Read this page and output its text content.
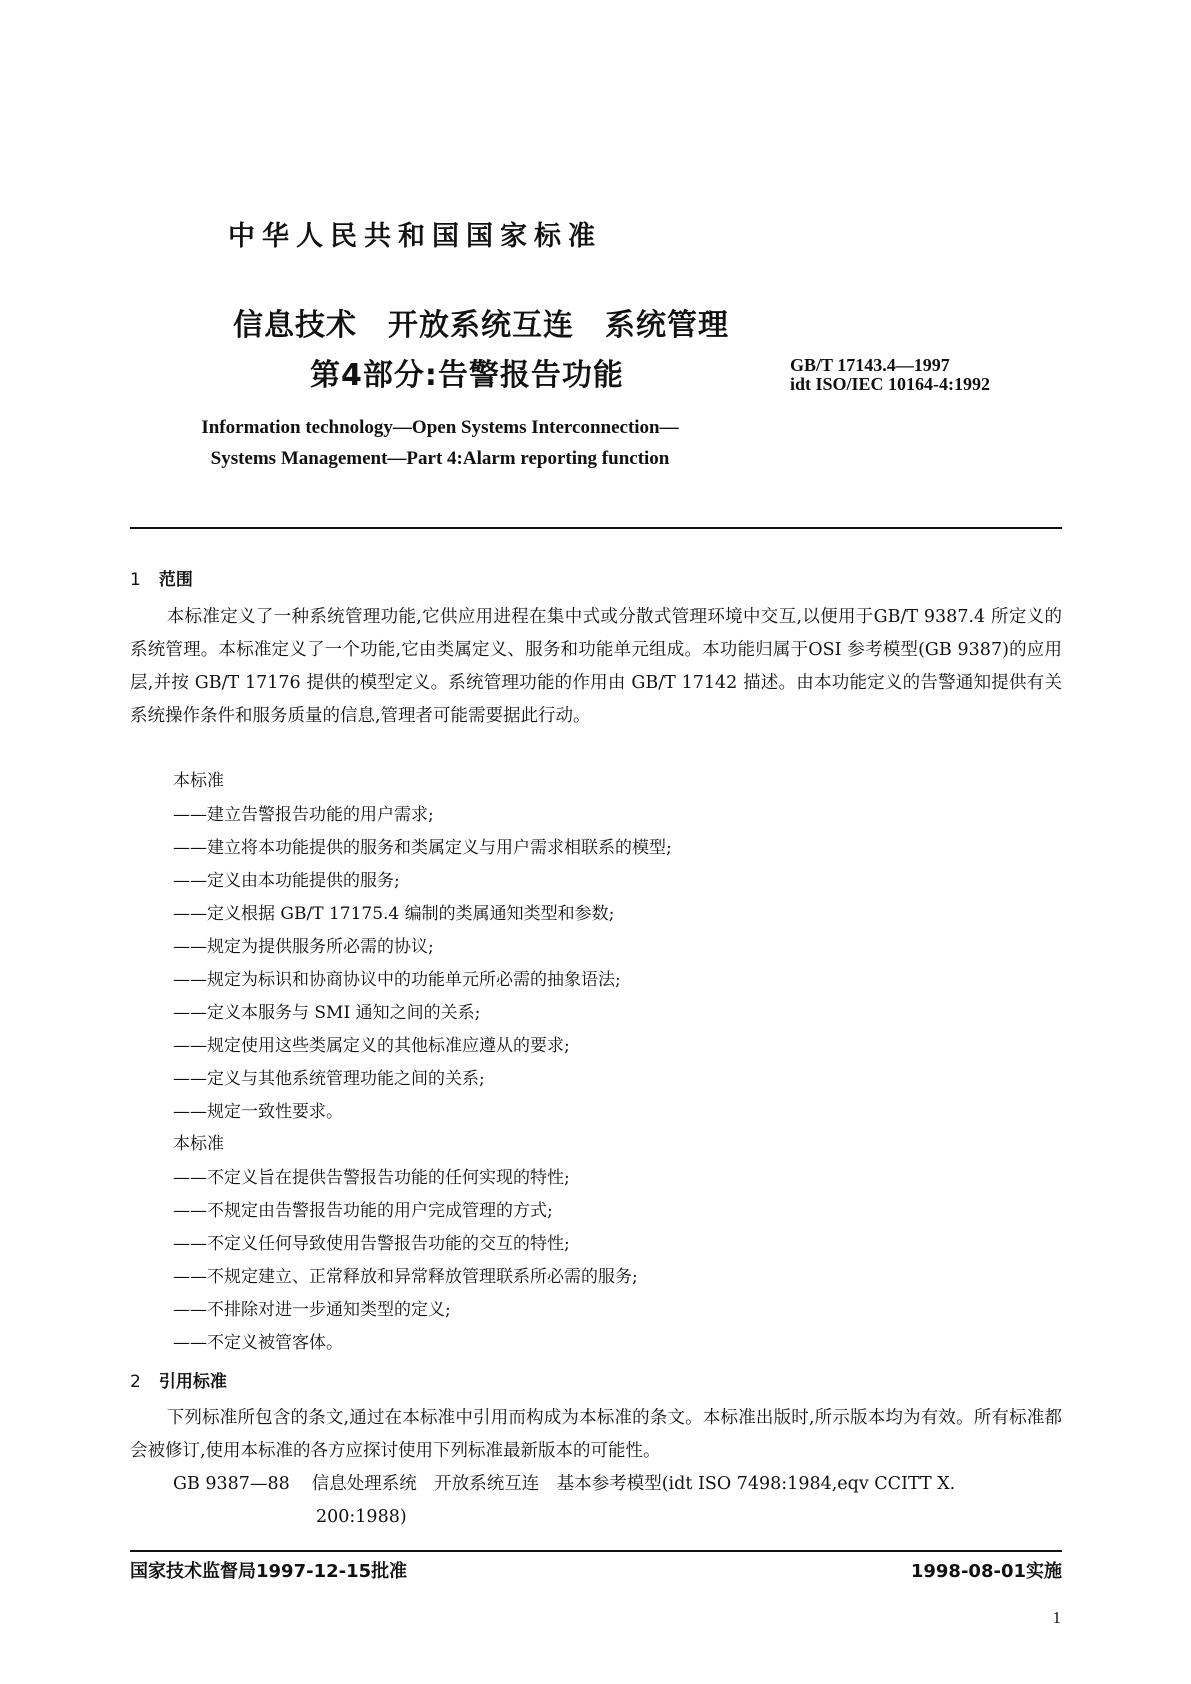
中华人民共和国国家标准
信息技术　开放系统互连　系统管理
第4部分:告警报告功能	GB/T 17143.4—1997
idt ISO/IEC 10164-4:1992
Information technology—Open Systems Interconnection—
Systems Management—Part 4:Alarm reporting function
1 范围

本标准定义了一种系统管理功能,它供应用进程在集中式或分散式管理环境中交互,以便用于GB/T 9387.4 所定义的系统管理。本标准定义了一个功能,它由类属定义、服务和功能单元组成。本功能归属于OSI 参考模型(GB 9387)的应用层,并按 GB/T 17176 提供的模型定义。系统管理功能的作用由 GB/T 17142 描述。由本功能定义的告警通知提供有关系统操作条件和服务质量的信息,管理者可能需要据此行动。

本标准
——建立告警报告功能的用户需求;
——建立将本功能提供的服务和类属定义与用户需求相联系的模型;
——定义由本功能提供的服务;
——定义根据 GB/T 17175.4 编制的类属通知类型和参数;
——规定为提供服务所必需的协议;
——规定为标识和协商协议中的功能单元所必需的抽象语法;
——定义本服务与 SMI 通知之间的关系;
——规定使用这些类属定义的其他标准应遵从的要求;
——定义与其他系统管理功能之间的关系;
——规定一致性要求。
本标准
——不定义旨在提供告警报告功能的任何实现的特性;
——不规定由告警报告功能的用户完成管理的方式;
——不定义任何导致使用告警报告功能的交互的特性;
——不规定建立、正常释放和异常释放管理联系所必需的服务;
——不排除对进一步通知类型的定义;
——不定义被管客体。
2 引用标准

下列标准所包含的条文,通过在本标准中引用而构成为本标准的条文。本标准出版时,所示版本均为有效。所有标准都会被修订,使用本标准的各方应探讨使用下列标准最新版本的可能性。

GB 9387—88 信息处理系统　开放系统互连　基本参考模型(idt ISO 7498:1984,eqv CCITT X.
200:1988)
国家技术监督局1997-12-15批准	1998-08-01实施
1
